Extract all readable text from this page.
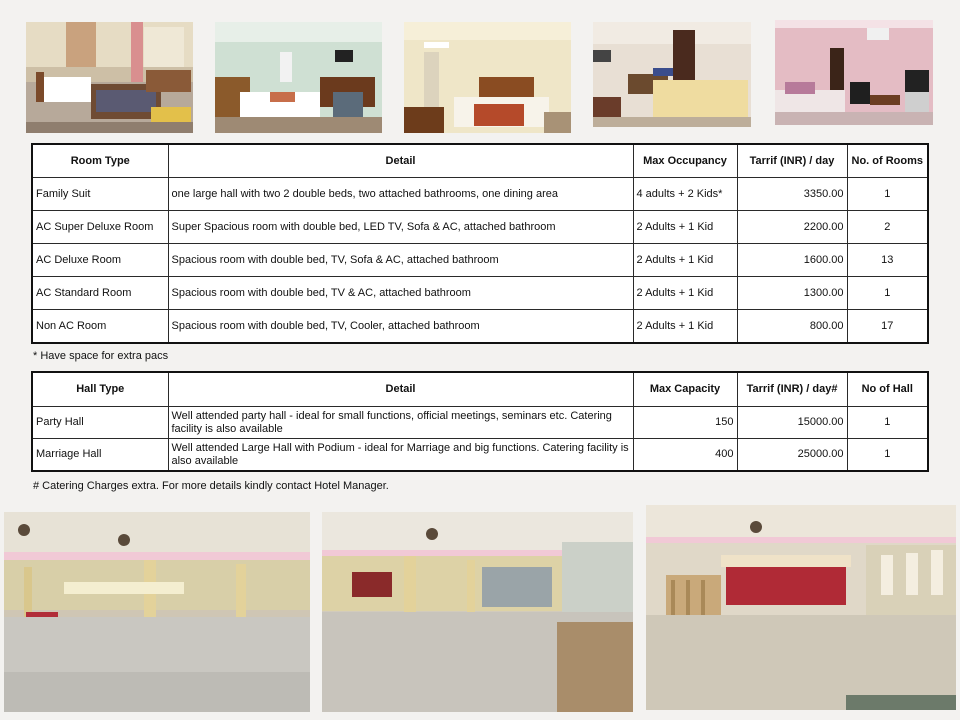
Room Type	Detail	Max Occupancy	Tarrif (INR) / day	No. of Rooms
Family Suit	one large hall with two 2 double beds, two attached bathrooms, one dining area	4 adults + 2 Kids*	3350.00	1
AC Super Deluxe Room	Super Spacious room with double bed, LED TV, Sofa & AC, attached bathroom	2 Adults + 1 Kid	2200.00	2
AC Deluxe Room	Spacious room with double bed, TV, Sofa & AC, attached bathroom	2 Adults + 1 Kid	1600.00	13
AC Standard Room	Spacious room with double bed, TV & AC, attached bathroom	2 Adults + 1 Kid	1300.00	1
Non AC Room	Spacious room with double bed, TV, Cooler, attached bathroom	2 Adults + 1 Kid	800.00	17
* Have space for extra pacs
Hall Type	Detail	Max Capacity	Tarrif (INR) / day#	No of Hall
Party Hall	Well attended party hall - ideal for small functions, official meetings, seminars etc. Catering facility is also available	150	15000.00	1
Marriage Hall	Well attended Large Hall with Podium - ideal for Marriage and big functions. Catering facility is also available	400	25000.00	1
# Catering Charges extra. For more details kindly contact Hotel Manager.
